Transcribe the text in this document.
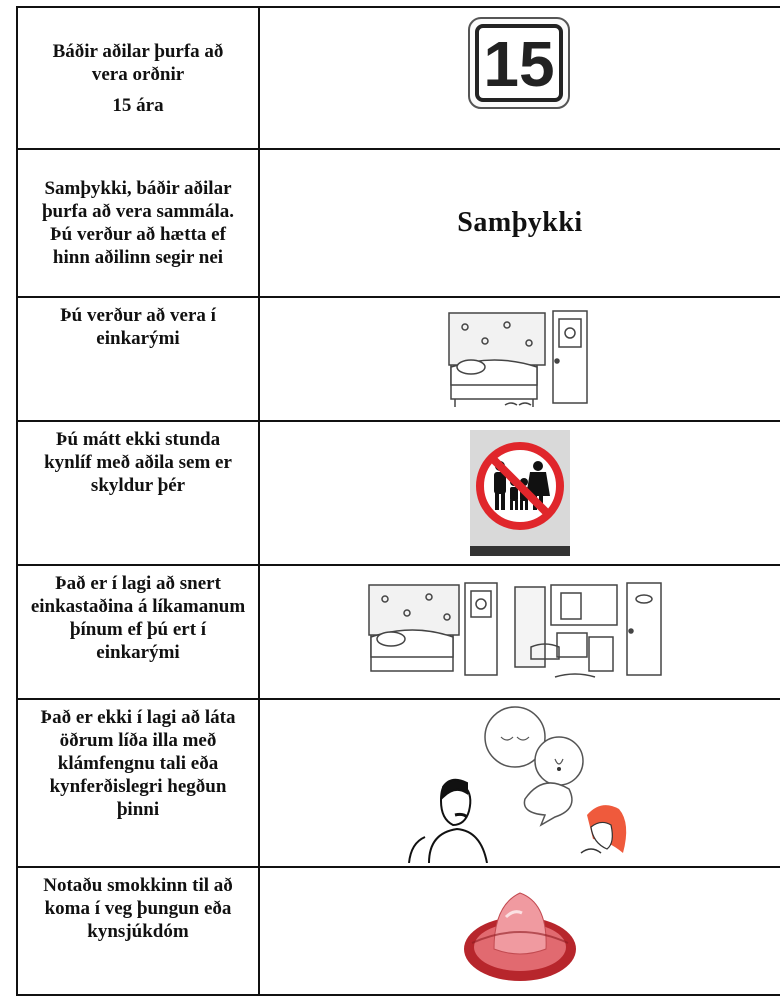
Báðir aðilar þurfa að
vera orðnir
15 ára	15

Samþykki, báðir aðilar þurfa að vera sammála. Þú verður að hætta ef hinn aðilinn segir nei	Samþykki

Þú verður að vera í einkarými

Þú mátt ekki stunda kynlíf með aðila sem er skyldur þér

Það er í lagi að snert einkastaðina á líkamanum þínum ef þú ert í einkarými

Það er ekki í lagi að láta öðrum líða illa með klámfengnu tali eða kynferðislegri hegðun þinni

Notaðu smokkinn til að koma í veg þungun eða kynsjúkdóm
